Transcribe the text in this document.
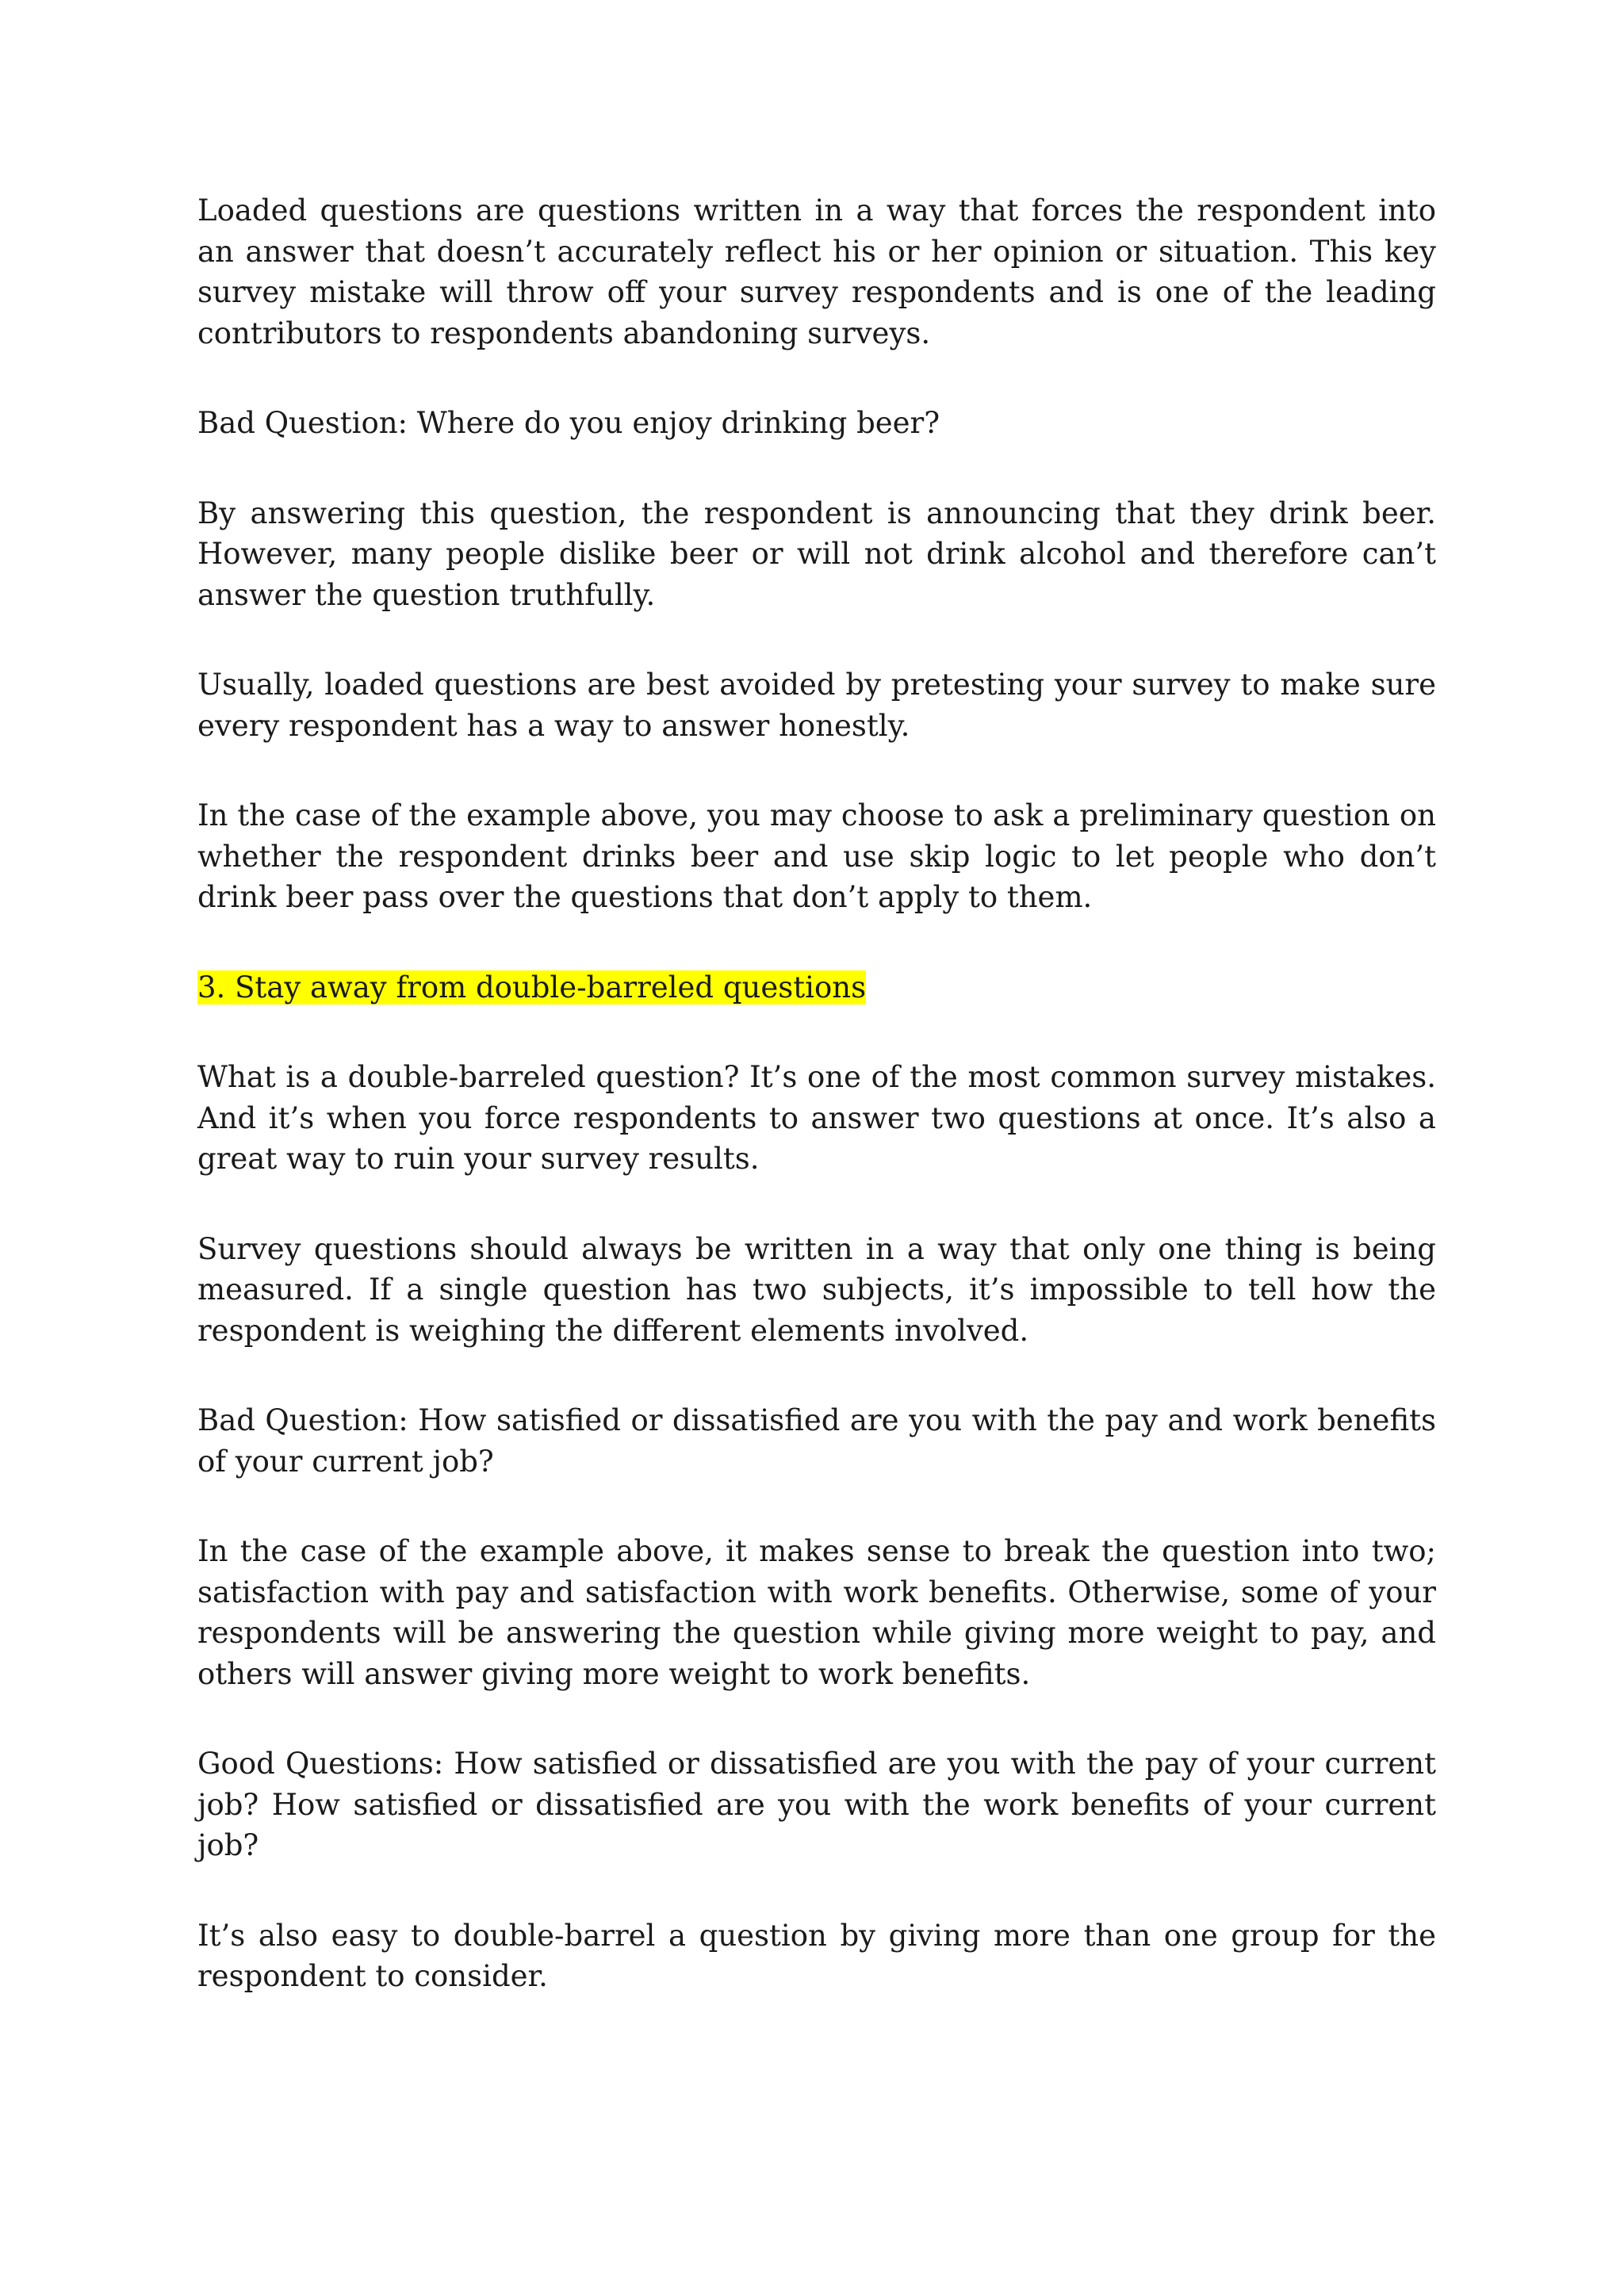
Loaded questions are questions written in a way that forces the respondent into an answer that doesn’t accurately reflect his or her opinion or situation. This key survey mistake will throw off your survey respondents and is one of the leading contributors to respondents abandoning surveys.

Bad Question: Where do you enjoy drinking beer?

By answering this question, the respondent is announcing that they drink beer. However, many people dislike beer or will not drink alcohol and therefore can’t answer the question truthfully.

Usually, loaded questions are best avoided by pretesting your survey to make sure every respondent has a way to answer honestly.

In the case of the example above, you may choose to ask a preliminary question on whether the respondent drinks beer and use skip logic to let people who don’t drink beer pass over the questions that don’t apply to them.

3. Stay away from double-barreled questions

What is a double-barreled question? It’s one of the most common survey mistakes. And it’s when you force respondents to answer two questions at once. It’s also a great way to ruin your survey results.

Survey questions should always be written in a way that only one thing is being measured. If a single question has two subjects, it’s impossible to tell how the respondent is weighing the different elements involved.

Bad Question: How satisfied or dissatisfied are you with the pay and work benefits of your current job?

In the case of the example above, it makes sense to break the question into two; satisfaction with pay and satisfaction with work benefits. Otherwise, some of your respondents will be answering the question while giving more weight to pay, and others will answer giving more weight to work benefits.

Good Questions: How satisfied or dissatisfied are you with the pay of your current job? How satisfied or dissatisfied are you with the work benefits of your current job?

It’s also easy to double-barrel a question by giving more than one group for the respondent to consider.
